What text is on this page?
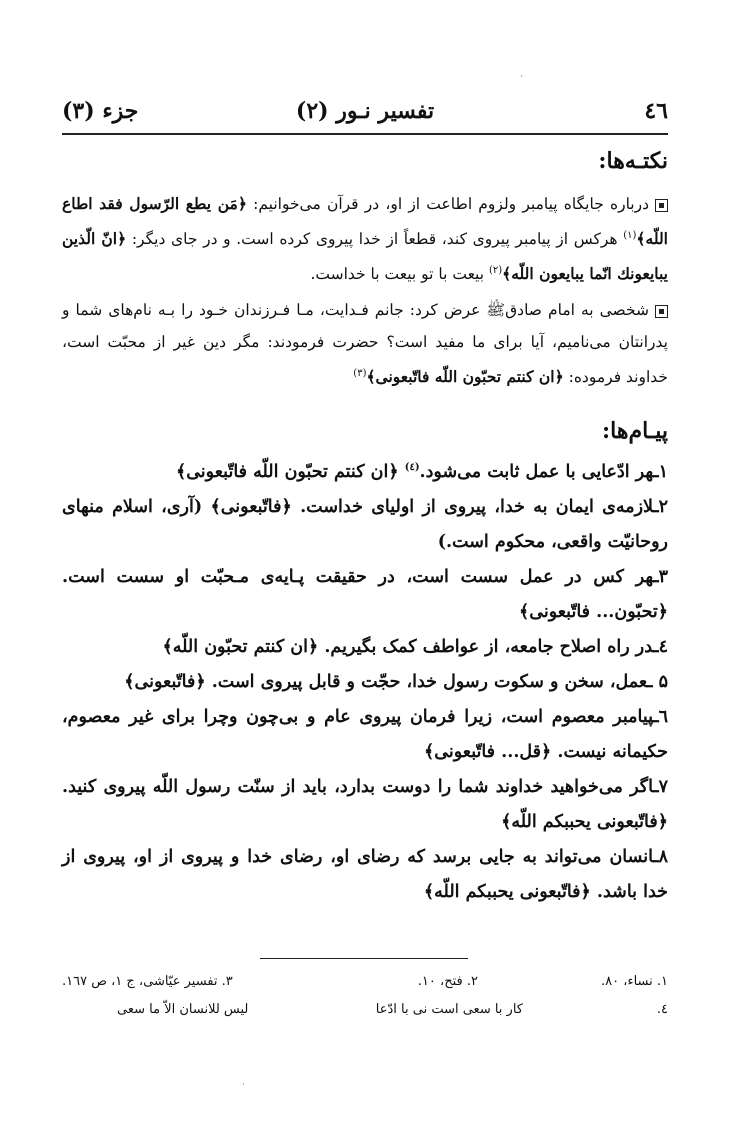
٤٦
تفسیر نـور (۲)
جزء (۳)
نکتـه‌ها:

درباره جایگاه پیامبر ولزوم اطاعت از او، در قرآن می‌خوانیم: ﴿مَن یطع الرّسول فقد اطاع اللّه﴾$^{(۱)}$ هرکس از پیامبر پیروی کند، قطعاً از خدا پیروی کرده است. و در جای دیگر: ﴿انّ الّذین یبایعونك انّما یبایعون اللّه﴾$^{(۲)}$ بیعت با تو بیعت با خداست.

شخصی به امام صادقﷺ عرض کرد: جانم فـدایت، مـا فـرزندان خـود را بـه نام‌های شما و پدرانتان می‌نامیم، آیا برای ما مفید است؟ حضرت فرمودند: مگر دین غیر از محبّت است، خداوند فرموده: ﴿ان کنتم تحبّون اللّه فاتّبعونی﴾$^{(۳)}$

پیـام‌ها:

۱ـهر ادّعایی با عمل ثابت می‌شود.$^{(٤)}$ ﴿ان کنتم تحبّون اللّه فاتّبعونی﴾

۲ـلازمه‌ی ایمان به خدا، پیروی از اولیای خداست. ﴿فاتّبعونی﴾ (آری، اسلام منهای روحانیّت واقعی، محکوم است.)

۳ـهر کس در عمل سست است، در حقیقت پـایه‌ی مـحبّت او سست است. ﴿تحبّون... فاتّبعونی﴾

٤ـدر راه اصلاح جامعه، از عواطف کمک بگیریم. ﴿ان کنتم تحبّون اللّه﴾

۵ ـعمل، سخن و سکوت رسول خدا، حجّت و قابل پیروی است. ﴿فاتّبعونی﴾

٦ـپیامبر معصوم است، زیرا فرمان پیروی عام و بی‌چون وچرا برای غیر معصوم، حکیمانه نیست. ﴿قل... فاتّبعونی﴾

۷ـاگر می‌خواهید خداوند شما را دوست بدارد، باید از سنّت رسول اللّه پیروی کنید. ﴿فاتّبعونی یحببکم اللّه﴾

۸ـانسان می‌تواند به جایی برسد که رضای او، رضای خدا و پیروی از او، پیروی از خدا باشد. ﴿فاتّبعونی یحببکم اللّه﴾

۱. نساء، ۸۰.
۲. فتح، ۱۰.
۳. تفسیر عیّاشی، ج ۱، ص ۱٦۷.
٤.
کار با سعی است نی با ادّعا
لیس للانسان الاّ ما سعی
·
·
